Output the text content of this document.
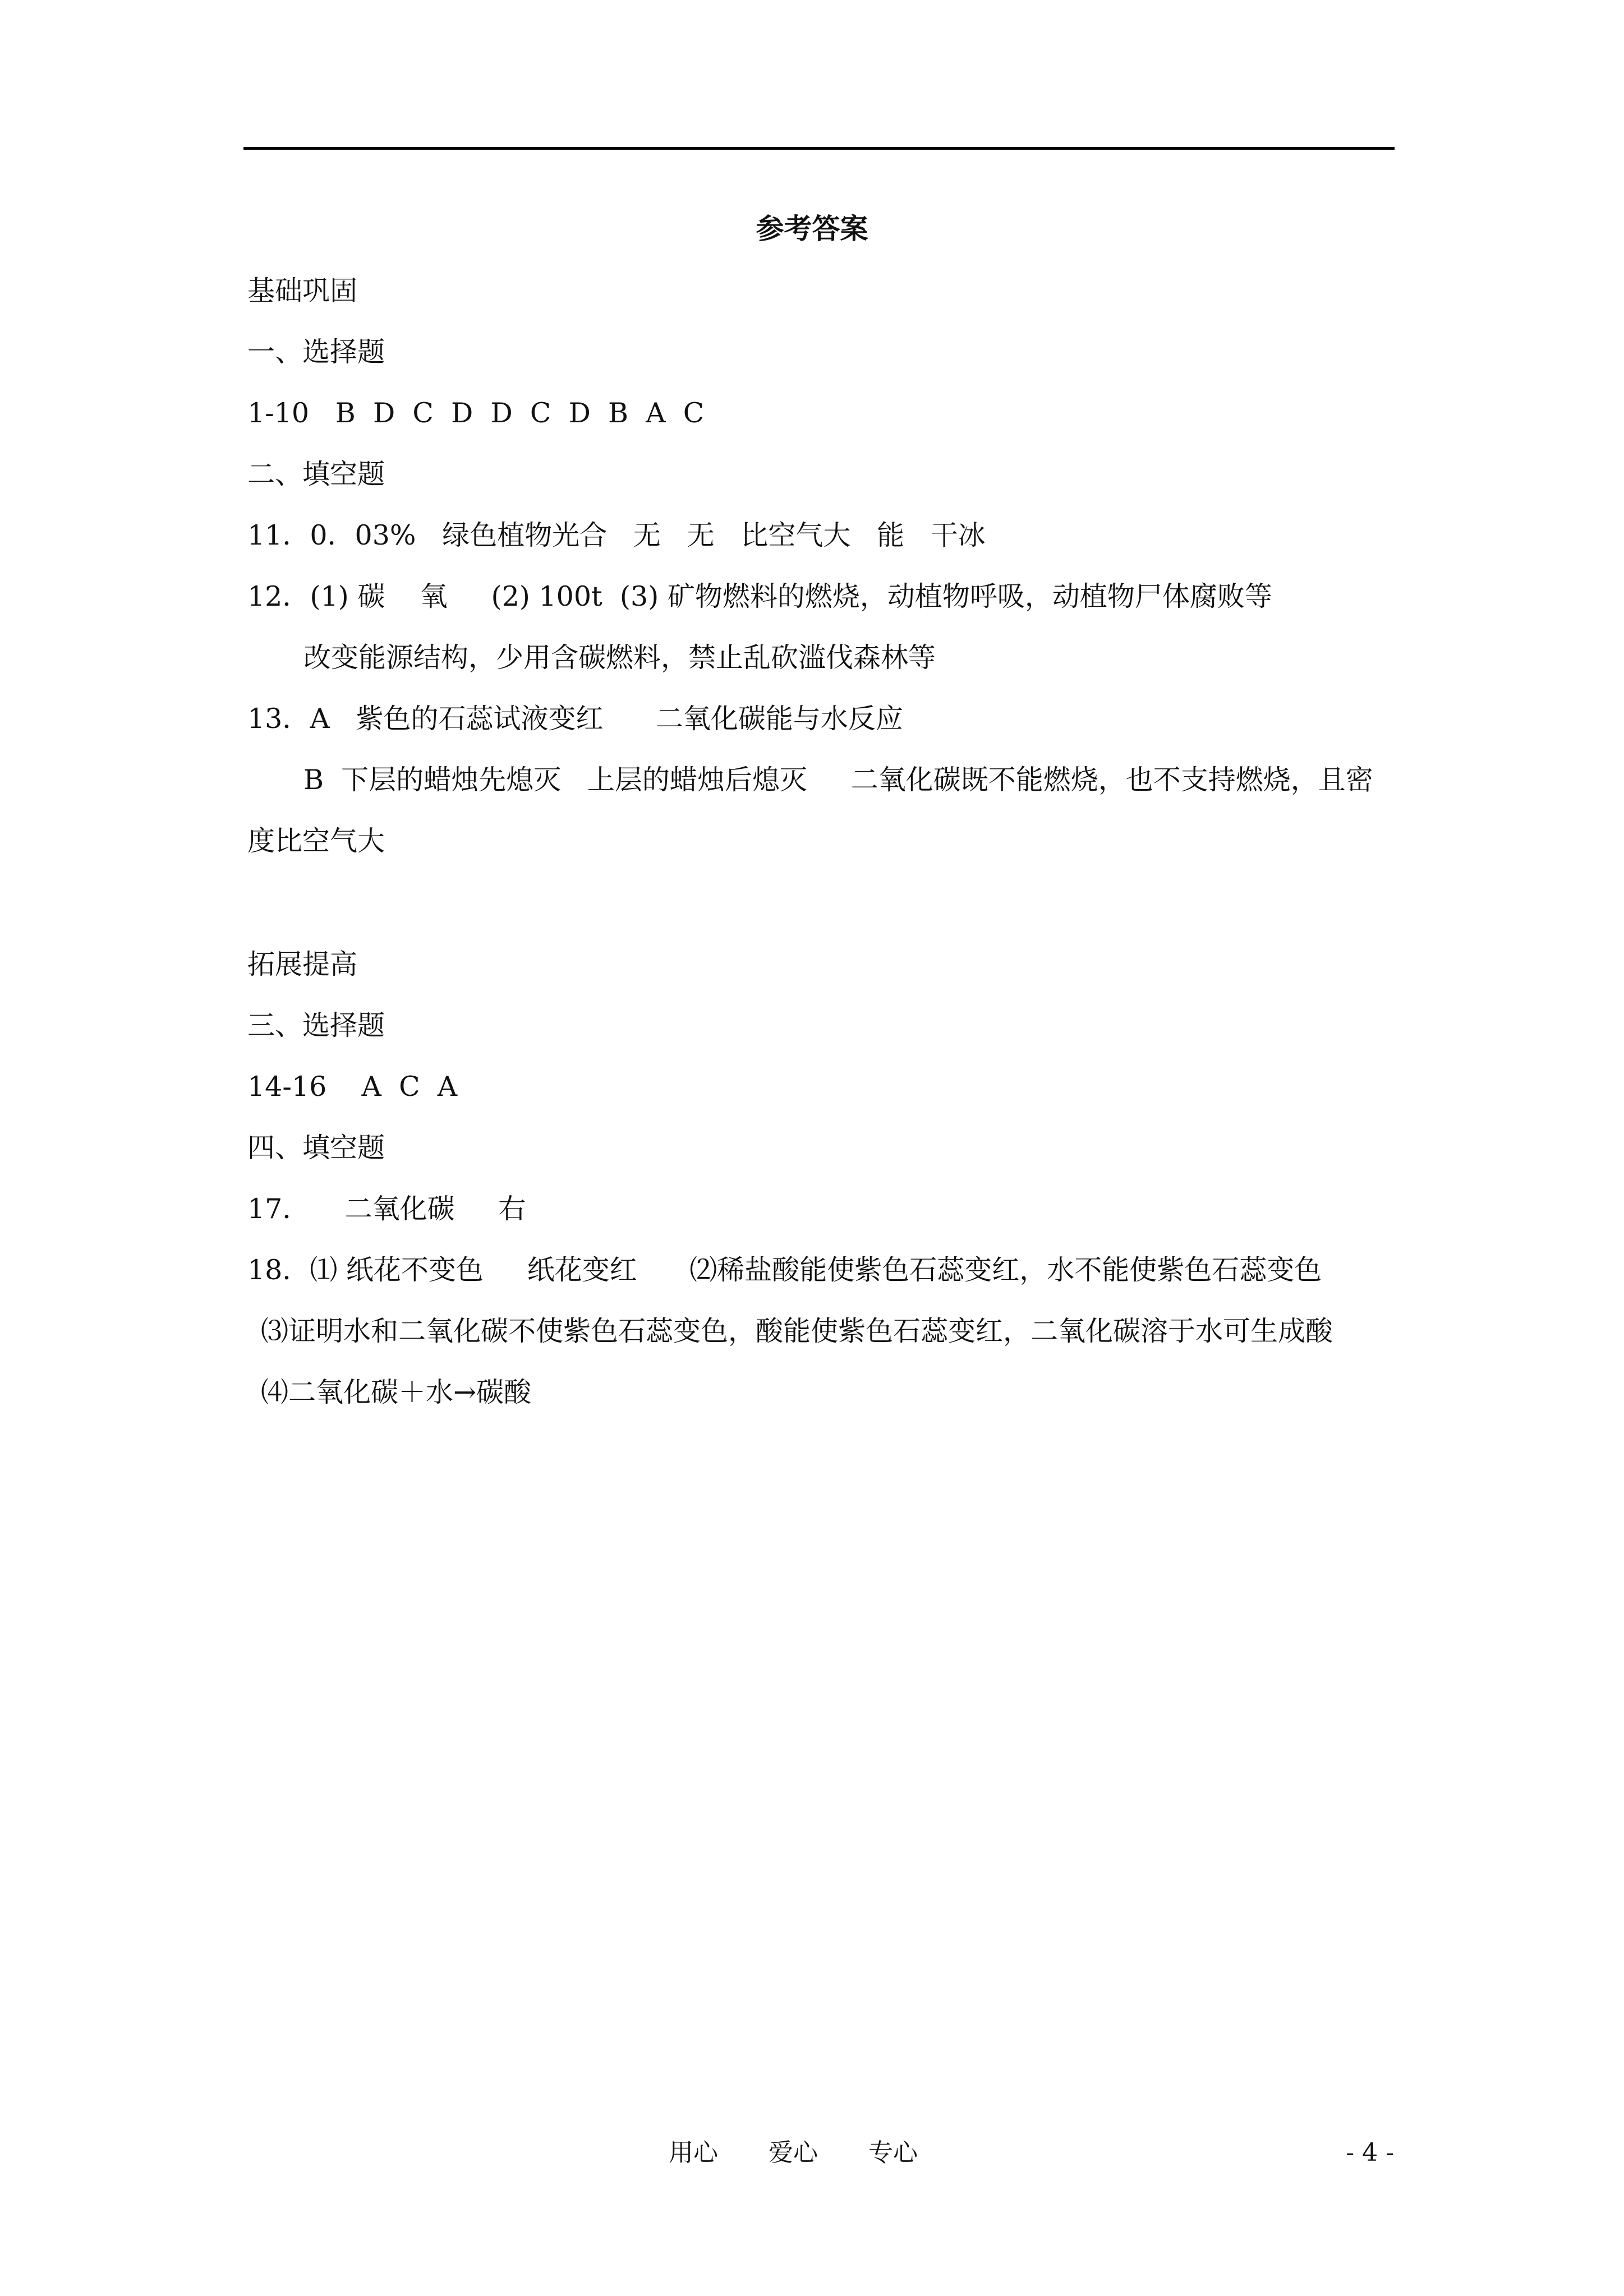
参考答案
基础巩固
一、选择题
1-10   B  D  C  D  D  C  D  B  A  C
二、填空题
11．0．03%   绿色植物光合   无   无   比空气大   能   干冰
12．(1) 碳    氧     (2) 100t  (3) 矿物燃料的燃烧，动植物呼吸，动植物尸体腐败等
改变能源结构，少用含碳燃料，禁止乱砍滥伐森林等
13．A   紫色的石蕊试液变红      二氧化碳能与水反应
B  下层的蜡烛先熄灭   上层的蜡烛后熄灭     二氧化碳既不能燃烧，也不支持燃烧，且密
度比空气大
拓展提高
三、选择题
14-16    A  C  A
四、填空题
17．    二氧化碳     右
18．⑴ 纸花不变色     纸花变红      ⑵稀盐酸能使紫色石蕊变红，水不能使紫色石蕊变色
⑶证明水和二氧化碳不使紫色石蕊变色，酸能使紫色石蕊变红，二氧化碳溶于水可生成酸
⑷二氧化碳＋水→碳酸
用心 爱心 专心	- 4 -
